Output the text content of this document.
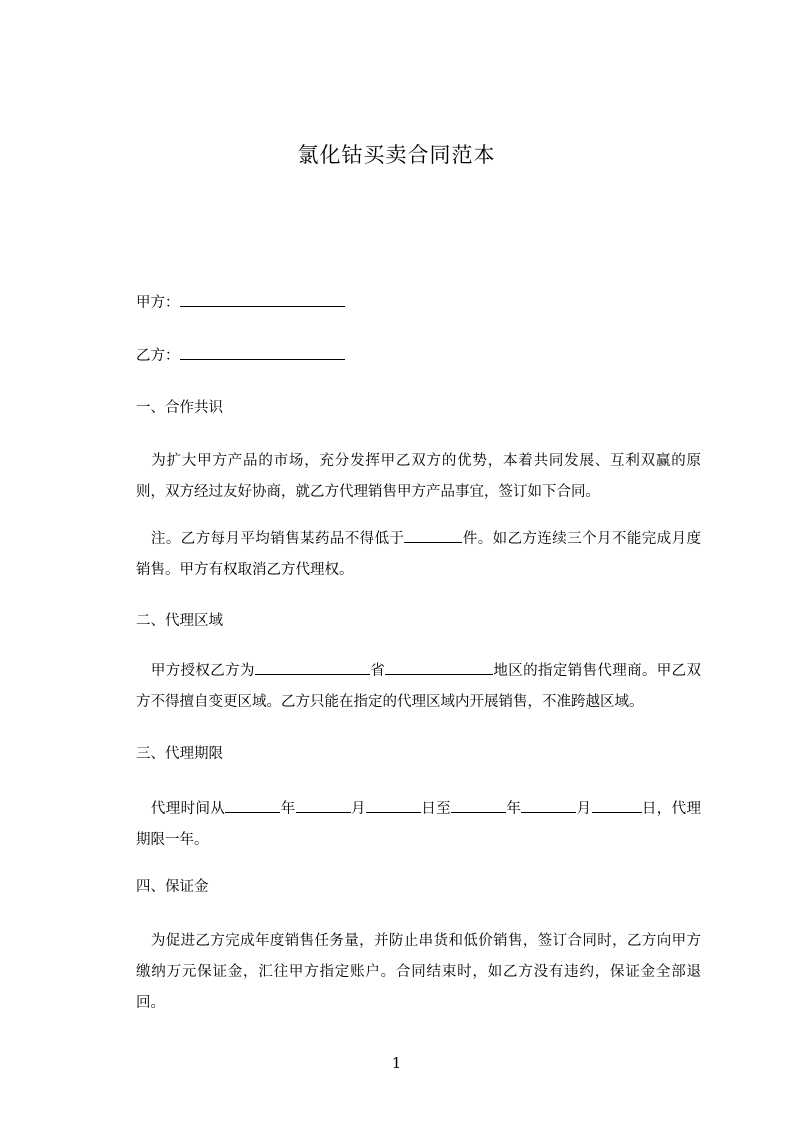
氯化钴买卖合同范本
甲方：
乙方：
一、合作共识
 为扩大甲方产品的市场，充分发挥甲乙双方的优势，本着共同发展、互利双赢的原则，双方经过友好协商，就乙方代理销售甲方产品事宜，签订如下合同。
 注。乙方每月平均销售某药品不得低于	件。如乙方连续三个月不能完成月度销售。甲方有权取消乙方代理权。
二、代理区域
 甲方授权乙方为	省	地区的指定销售代理商。甲乙双方不得擅自变更区域。乙方只能在指定的代理区域内开展销售，不准跨越区域。
三、代理期限
 代理时间从	年	月	日至	年	月	日，代理期限一年。
四、保证金
 为促进乙方完成年度销售任务量，并防止串货和低价销售，签订合同时，乙方向甲方缴纳万元保证金，汇往甲方指定账户。合同结束时，如乙方没有违约，保证金全部退回。
1
